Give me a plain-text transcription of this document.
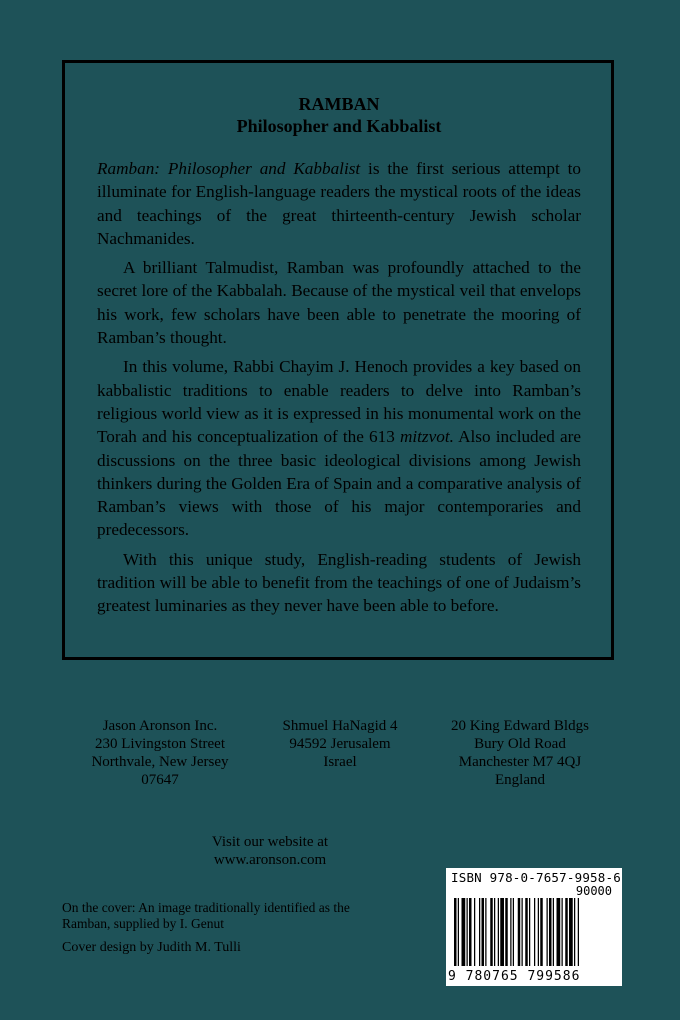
RAMBAN
Philosopher and Kabbalist

Ramban: Philosopher and Kabbalist is the first serious attempt to illuminate for English-language readers the mystical roots of the ideas and teachings of the great thirteenth-century Jewish scholar Nachmanides.

A brilliant Talmudist, Ramban was profoundly attached to the secret lore of the Kabbalah. Because of the mystical veil that envelops his work, few scholars have been able to penetrate the mooring of Ramban’s thought.

In this volume, Rabbi Chayim J. Henoch provides a key based on kabbalistic traditions to enable readers to delve into Ramban’s religious world view as it is expressed in his monumental work on the Torah and his conceptualization of the 613 mitzvot. Also included are discussions on the three basic ideological divisions among Jewish thinkers during the Golden Era of Spain and a comparative analysis of Ramban’s views with those of his major contemporaries and predecessors.

With this unique study, English-reading students of Jewish tradition will be able to benefit from the teachings of one of Judaism’s greatest luminaries as they never have been able to before.

Jason Aronson Inc.
230 Livingston Street
Northvale, New Jersey
07647
Shmuel HaNagid 4
94592 Jerusalem
Israel
20 King Edward Bldgs
Bury Old Road
Manchester M7 4QJ
England
Visit our website at
www.aronson.com

On the cover: An image traditionally identified as the Ramban, supplied by I. Genut

Cover design by Judith M. Tulli

ISBN 978-0-7657-9958-6
90000
9 780765 799586
